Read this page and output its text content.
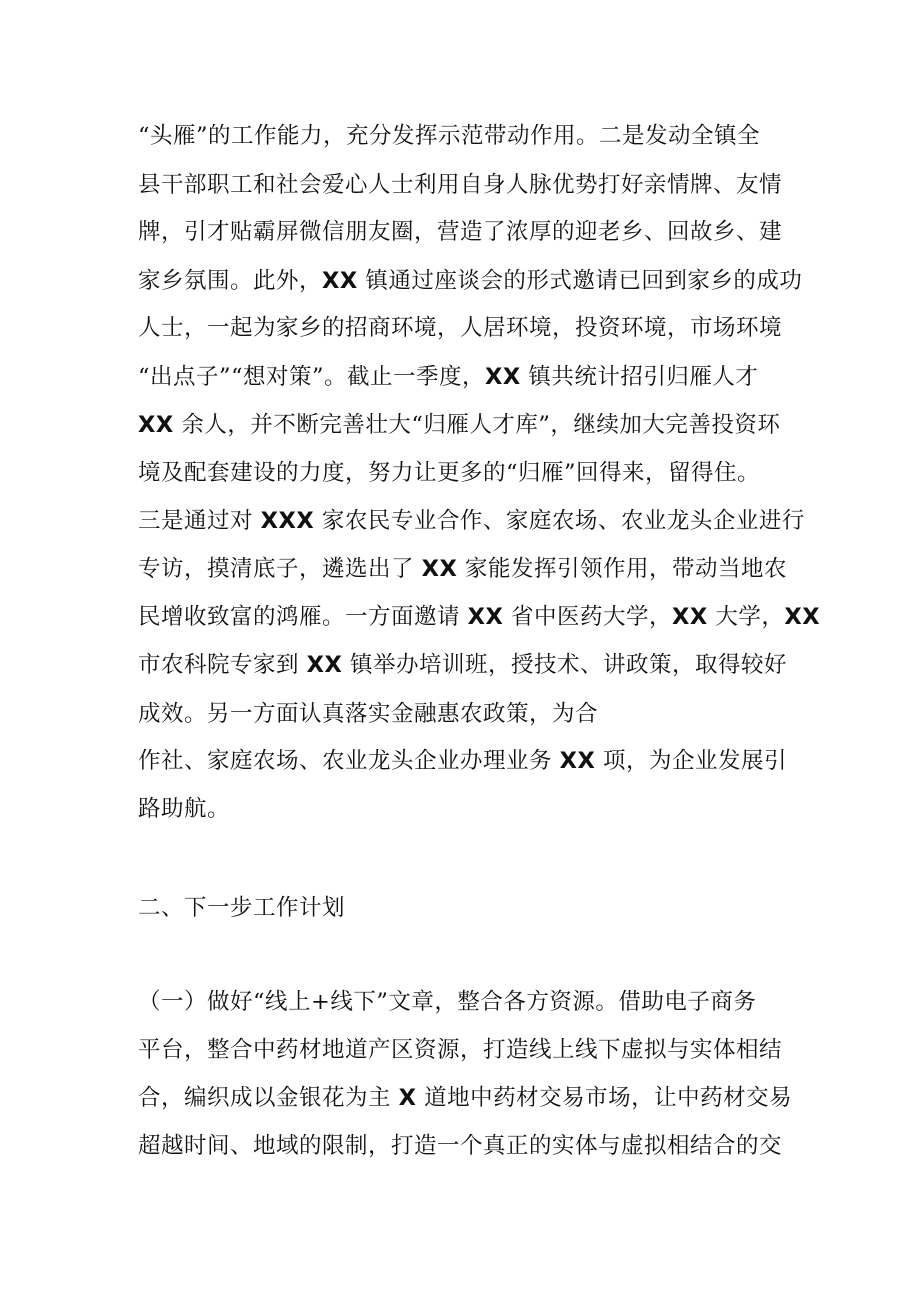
“头雁”的工作能力，充分发挥示范带动作用。二是发动全镇全
县干部职工和社会爱心人士利用自身人脉优势打好亲情牌、友情
牌，引才贴霸屏微信朋友圈，营造了浓厚的迎老乡、回故乡、建
家乡氛围。此外，XX 镇通过座谈会的形式邀请已回到家乡的成功
人士，一起为家乡的招商环境，人居环境，投资环境，市场环境
“出点子”“想对策”。截止一季度，XX 镇共统计招引归雁人才
XX 余人，并不断完善壮大“归雁人才库”，继续加大完善投资环
境及配套建设的力度，努力让更多的“归雁”回得来，留得住。
三是通过对 XXX 家农民专业合作、家庭农场、农业龙头企业进行
专访，摸清底子，遴选出了 XX 家能发挥引领作用，带动当地农
民增收致富的鸿雁。一方面邀请 XX 省中医药大学，XX 大学，XX
市农科院专家到 XX 镇举办培训班，授技术、讲政策，取得较好
成效。另一方面认真落实金融惠农政策，为合
作社、家庭农场、农业龙头企业办理业务 XX 项，为企业发展引
路助航。
二、下一步工作计划
（一）做好“线上+线下”文章，整合各方资源。借助电子商务
平台，整合中药材地道产区资源，打造线上线下虚拟与实体相结
合，编织成以金银花为主 X 道地中药材交易市场，让中药材交易
超越时间、地域的限制，打造一个真正的实体与虚拟相结合的交
